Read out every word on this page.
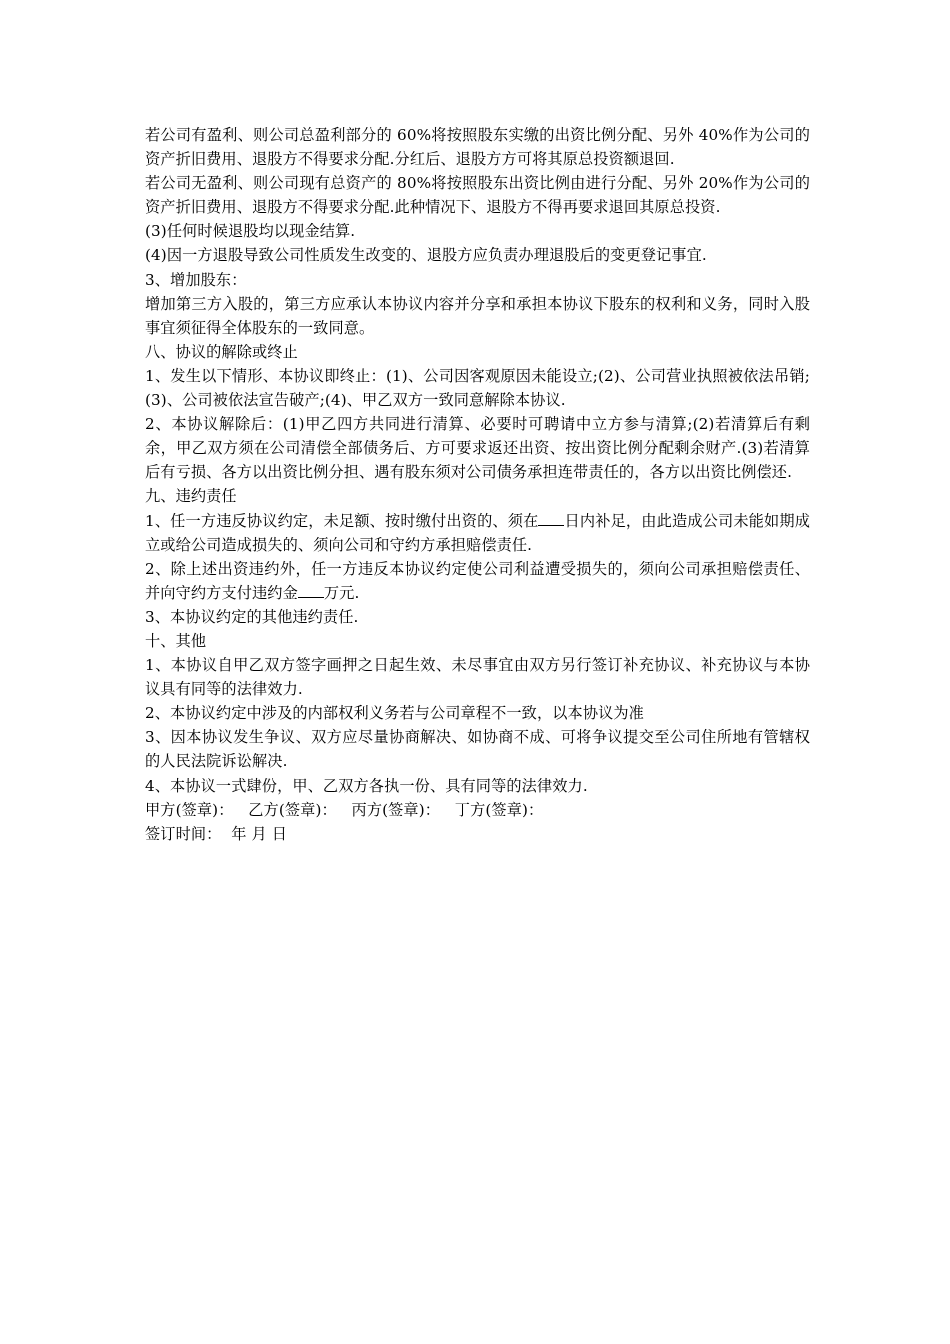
若公司有盈利、则公司总盈利部分的 60%将按照股东实缴的出资比例分配、另外 40%作为公司的资产折旧费用、退股方不得要求分配.分红后、退股方方可将其原总投资额退回.

若公司无盈利、则公司现有总资产的 80%将按照股东出资比例由进行分配、另外 20%作为公司的资产折旧费用、退股方不得要求分配.此种情况下、退股方不得再要求退回其原总投资.

(3)任何时候退股均以现金结算.

(4)因一方退股导致公司性质发生改变的、退股方应负责办理退股后的变更登记事宜.

3、增加股东：

增加第三方入股的，第三方应承认本协议内容并分享和承担本协议下股东的权利和义务，同时入股事宜须征得全体股东的一致同意。

八、协议的解除或终止

1、发生以下情形、本协议即终止：(1)、公司因客观原因未能设立;(2)、公司营业执照被依法吊销;(3)、公司被依法宣告破产;(4)、甲乙双方一致同意解除本协议.

2、本协议解除后：(1)甲乙四方共同进行清算、必要时可聘请中立方参与清算;(2)若清算后有剩余，甲乙双方须在公司清偿全部债务后、方可要求返还出资、按出资比例分配剩余财产.(3)若清算后有亏损、各方以出资比例分担、遇有股东须对公司债务承担连带责任的，各方以出资比例偿还.

九、违约责任

1、任一方违反协议约定，未足额、按时缴付出资的、须在 日内补足，由此造成公司未能如期成立或给公司造成损失的、须向公司和守约方承担赔偿责任.

2、除上述出资违约外，任一方违反本协议约定使公司利益遭受损失的，须向公司承担赔偿责任、并向守约方支付违约金 万元.

3、本协议约定的其他违约责任.

十、其他

1、本协议自甲乙双方签字画押之日起生效、未尽事宜由双方另行签订补充协议、补充协议与本协议具有同等的法律效力.

2、本协议约定中涉及的内部权利义务若与公司章程不一致，以本协议为准

3、因本协议发生争议、双方应尽量协商解决、如协商不成、可将争议提交至公司住所地有管辖权的人民法院诉讼解决.

4、本协议一式肆份，甲、乙双方各执一份、具有同等的法律效力.

甲方(签章)：   乙方(签章)：   丙方(签章)：   丁方(签章)：

签订时间：  年 月 日
